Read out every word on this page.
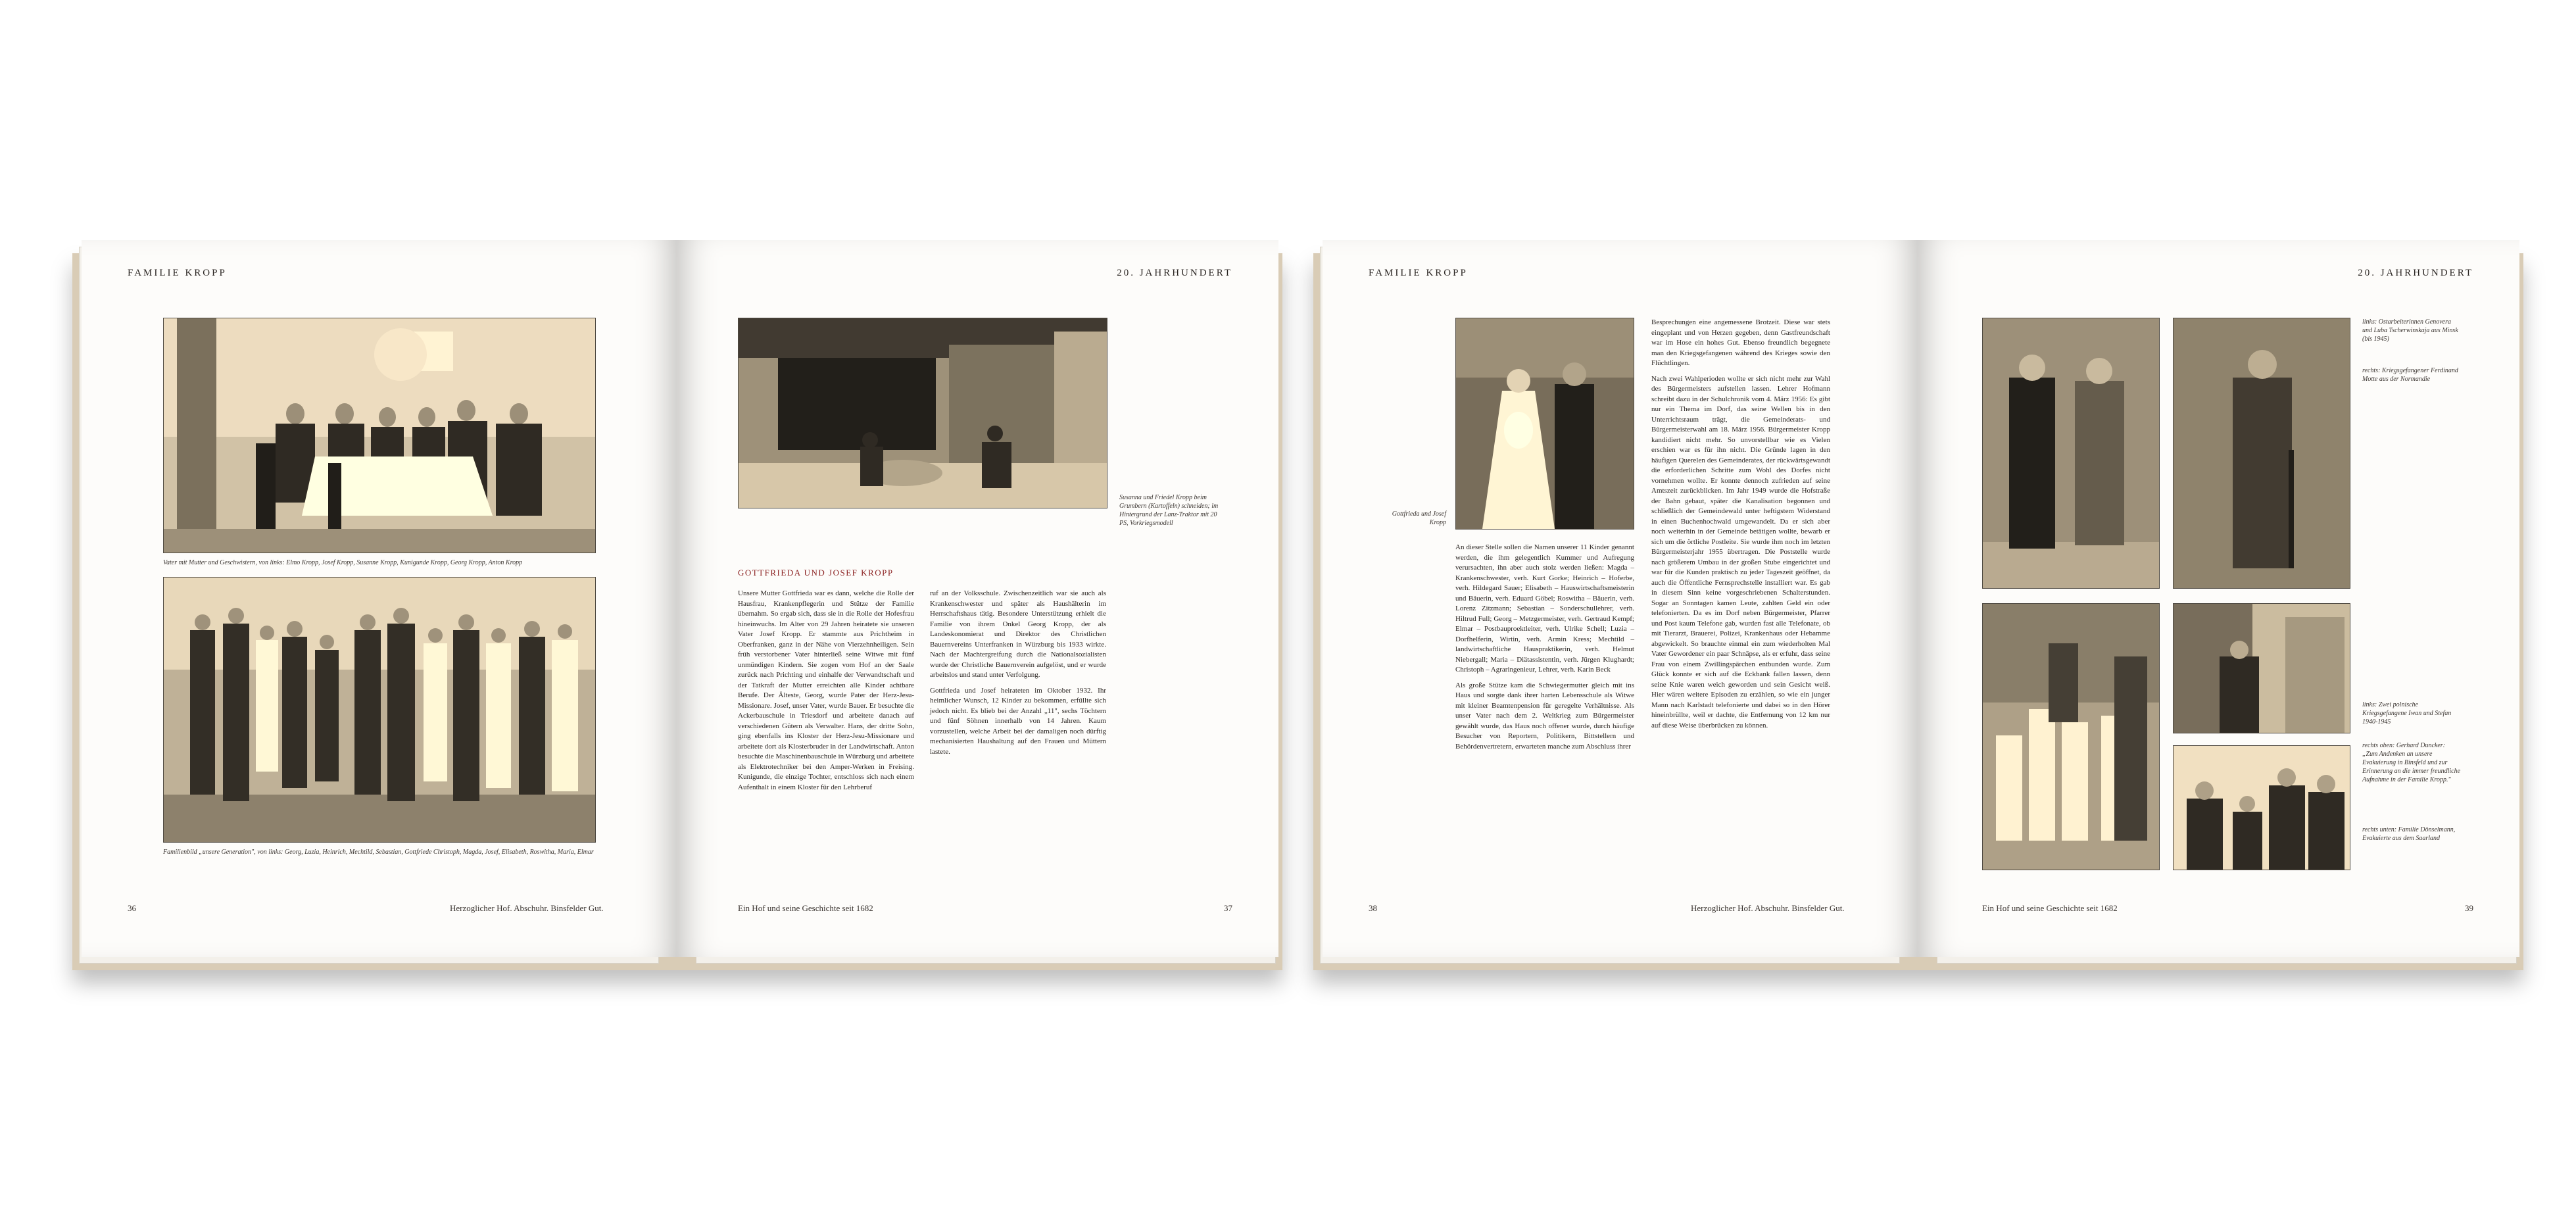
FAMILIE KROPP
Vater mit Mutter und Geschwistern, von links: Elmo Kropp, Josef Kropp, Susanne Kropp, Kunigunde Kropp, Georg Kropp, Anton Kropp
Familienbild „unsere Generation", von links: Georg, Luzia, Heinrich, Mechtild, Sebastian, Gottfriede Christoph, Magda, Josef, Elisabeth, Roswitha, Maria, Elmar
36	Herzoglicher Hof. Abschuhr. Binsfelder Gut.
20. JAHRHUNDERT
Susanna und Friedel Kropp beim Grumbern (Kartoffeln) schneiden; im Hintergrund der Lanz-Traktor mit 20 PS, Vorkriegsmodell
GOTTFRIEDA UND JOSEF KROPP

Unsere Mutter Gottfrieda war es dann, welche die Rolle der Hausfrau, Krankenpflegerin und Stütze der Familie übernahm. So ergab sich, dass sie in die Rolle der Hofesfrau hineinwuchs. Im Alter von 29 Jahren heiratete sie unseren Vater Josef Kropp. Er stammte aus Prichtheim in Oberfranken, ganz in der Nähe von Vierzehnheiligen. Sein früh verstorbener Vater hinterließ seine Witwe mit fünf unmündigen Kindern. Sie zogen vom Hof an der Saale zurück nach Prichting und einhalfe der Verwandtschaft und der Tatkraft der Mutter erreichten alle Kinder achtbare Berufe. Der Älteste, Georg, wurde Pater der Herz-Jesu-Missionare. Josef, unser Vater, wurde Bauer. Er besuchte die Ackerbauschule in Triesdorf und arbeitete danach auf verschiedenen Gütern als Verwalter. Hans, der dritte Sohn, ging ebenfalls ins Kloster der Herz-Jesu-Missionare und arbeitete dort als Klosterbruder in der Landwirtschaft. Anton besuchte die Maschinenbauschule in Würzburg und arbeitete als Elektrotechniker bei den Amper-Werken in Freising. Kunigunde, die einzige Tochter, entschloss sich nach einem Aufenthalt in einem Kloster für den Lehrberuf

ruf an der Volksschule. Zwischenzeitlich war sie auch als Krankenschwester und später als Haushälterin im Herrschaftshaus tätig. Besondere Unterstützung erhielt die Familie von ihrem Onkel Georg Kropp, der als Landeskonomierat und Direktor des Christlichen Bauernvereins Unterfranken in Würzburg bis 1933 wirkte. Nach der Machtergreifung durch die Nationalsozialisten wurde der Christliche Bauernverein aufgelöst, und er wurde arbeitslos und stand unter Verfolgung.

Gottfrieda und Josef heirateten im Oktober 1932. Ihr heimlicher Wunsch, 12 Kinder zu bekommen, erfüllte sich jedoch nicht. Es blieb bei der Anzahl „11", sechs Töchtern und fünf Söhnen innerhalb von 14 Jahren. Kaum vorzustellen, welche Arbeit bei der damaligen noch dürftig mechanisierten Haushaltung auf den Frauen und Müttern lastete.

Ein Hof und seine Geschichte seit 1682	37
FAMILIE KROPP
Gottfrieda und Josef Kropp

An dieser Stelle sollen die Namen unserer 11 Kinder genannt werden, die ihm gelegentlich Kummer und Aufregung verursachten, ihn aber auch stolz werden ließen: Magda – Krankenschwester, verh. Kurt Gorke; Heinrich – Hoferbe, verh. Hildegard Sauer; Elisabeth – Hauswirtschaftsmeisterin und Bäuerin, verh. Eduard Göbel; Roswitha – Bäuerin, verh. Lorenz Zitzmann; Sebastian – Sonderschullehrer, verh. Hiltrud Full; Georg – Metzgermeister, verh. Gertraud Kempf; Elmar – Postbauproektleiter, verh. Ulrike Schell; Luzia – Dorfhelferin, Wirtin, verh. Armin Kress; Mechtild – landwirtschaftliche Hauspraktikerin, verh. Helmut Niebergall; Maria – Diätassistentin, verh. Jürgen Klughardt; Christoph – Agraringenieur, Lehrer, verh. Karin Beck

Als große Stütze kam die Schwiegermutter gleich mit ins Haus und sorgte dank ihrer harten Lebensschule als Witwe mit kleiner Beamtenpension für geregelte Verhältnisse. Als unser Vater nach dem 2. Weltkrieg zum Bürgermeister gewählt wurde, das Haus noch offener wurde, durch häufige Besucher von Reportern, Politikern, Bittstellern und Behördenvertretern, erwarteten manche zum Abschluss ihrer

Besprechungen eine angemessene Brotzeit. Diese war stets eingeplant und von Herzen gegeben, denn Gastfreundschaft war im Hose ein hohes Gut. Ebenso freundlich begegnete man den Kriegsgefangenen während des Krieges sowie den Flüchtlingen.

Nach zwei Wahlperioden wollte er sich nicht mehr zur Wahl des Bürgermeisters aufstellen lassen. Lehrer Hofmann schreibt dazu in der Schulchronik vom 4. März 1956: Es gibt nur ein Thema im Dorf, das seine Wellen bis in den Unterrichtsraum trägt, die Gemeinderats- und Bürgermeisterwahl am 18. März 1956. Bürgermeister Kropp kandidiert nicht mehr. So unvorstellbar wie es Vielen erschien war es für ihn nicht. Die Gründe lagen in den häufigen Querelen des Gemeinderates, der rückwärtsgewandt die erforderlichen Schritte zum Wohl des Dorfes nicht vornehmen wollte. Er konnte dennoch zufrieden auf seine Amtszeit zurückblicken. Im Jahr 1949 wurde die Hofstraße der Bahn gebaut, später die Kanalisation begonnen und schließlich der Gemeindewald unter heftigstem Widerstand in einen Buchenhochwald umgewandelt. Da er sich aber noch weiterhin in der Gemeinde betätigen wollte, bewarb er sich um die örtliche Postleite. Sie wurde ihm noch im letzten Bürgermeisterjahr 1955 übertragen. Die Poststelle wurde nach größerem Umbau in der großen Stube eingerichtet und war für die Kunden praktisch zu jeder Tageszeit geöffnet, da auch die Öffentliche Fernsprechstelle installiert war. Es gab in diesem Sinn keine vorgeschriebenen Schalterstunden. Sogar an Sonntagen kamen Leute, zahlten Geld ein oder telefonierten. Da es im Dorf neben Bürgermeister, Pfarrer und Post kaum Telefone gab, wurden fast alle Telefonate, ob mit Tierarzt, Brauerei, Polizei, Krankenhaus oder Hebamme abgewickelt. So brauchte einmal ein zum wiederholten Mal Vater Gewordener ein paar Schnäpse, als er erfuhr, dass seine Frau von einem Zwillingspärchen entbunden wurde. Zum Glück konnte er sich auf die Eckbank fallen lassen, denn seine Knie waren weich geworden und sein Gesicht weiß. Hier wären weitere Episoden zu erzählen, so wie ein junger Mann nach Karlstadt telefonierte und dabei so in den Hörer hineinbrüllte, weil er dachte, die Entfernung von 12 km nur auf diese Weise überbrücken zu können.

38	Herzoglicher Hof. Abschuhr. Binsfelder Gut.
20. JAHRHUNDERT
links: Ostarbeiterinnen Genovera und Luba Tscherwinskaja aus Minsk (bis 1945)
rechts: Kriegsgefangener Ferdinand Motte aus der Normandie
links: Zwei polnische Kriegsgefangene Iwan und Stefan 1940-1945
rechts oben: Gerhard Duncker: „Zum Andenken an unsere Evakuierung in Binsfeld und zur Erinnerung an die immer freundliche Aufnahme in der Familie Kropp."
rechts unten: Familie Dönselmann, Evakuierte aus dem Saarland
Ein Hof und seine Geschichte seit 1682	39
